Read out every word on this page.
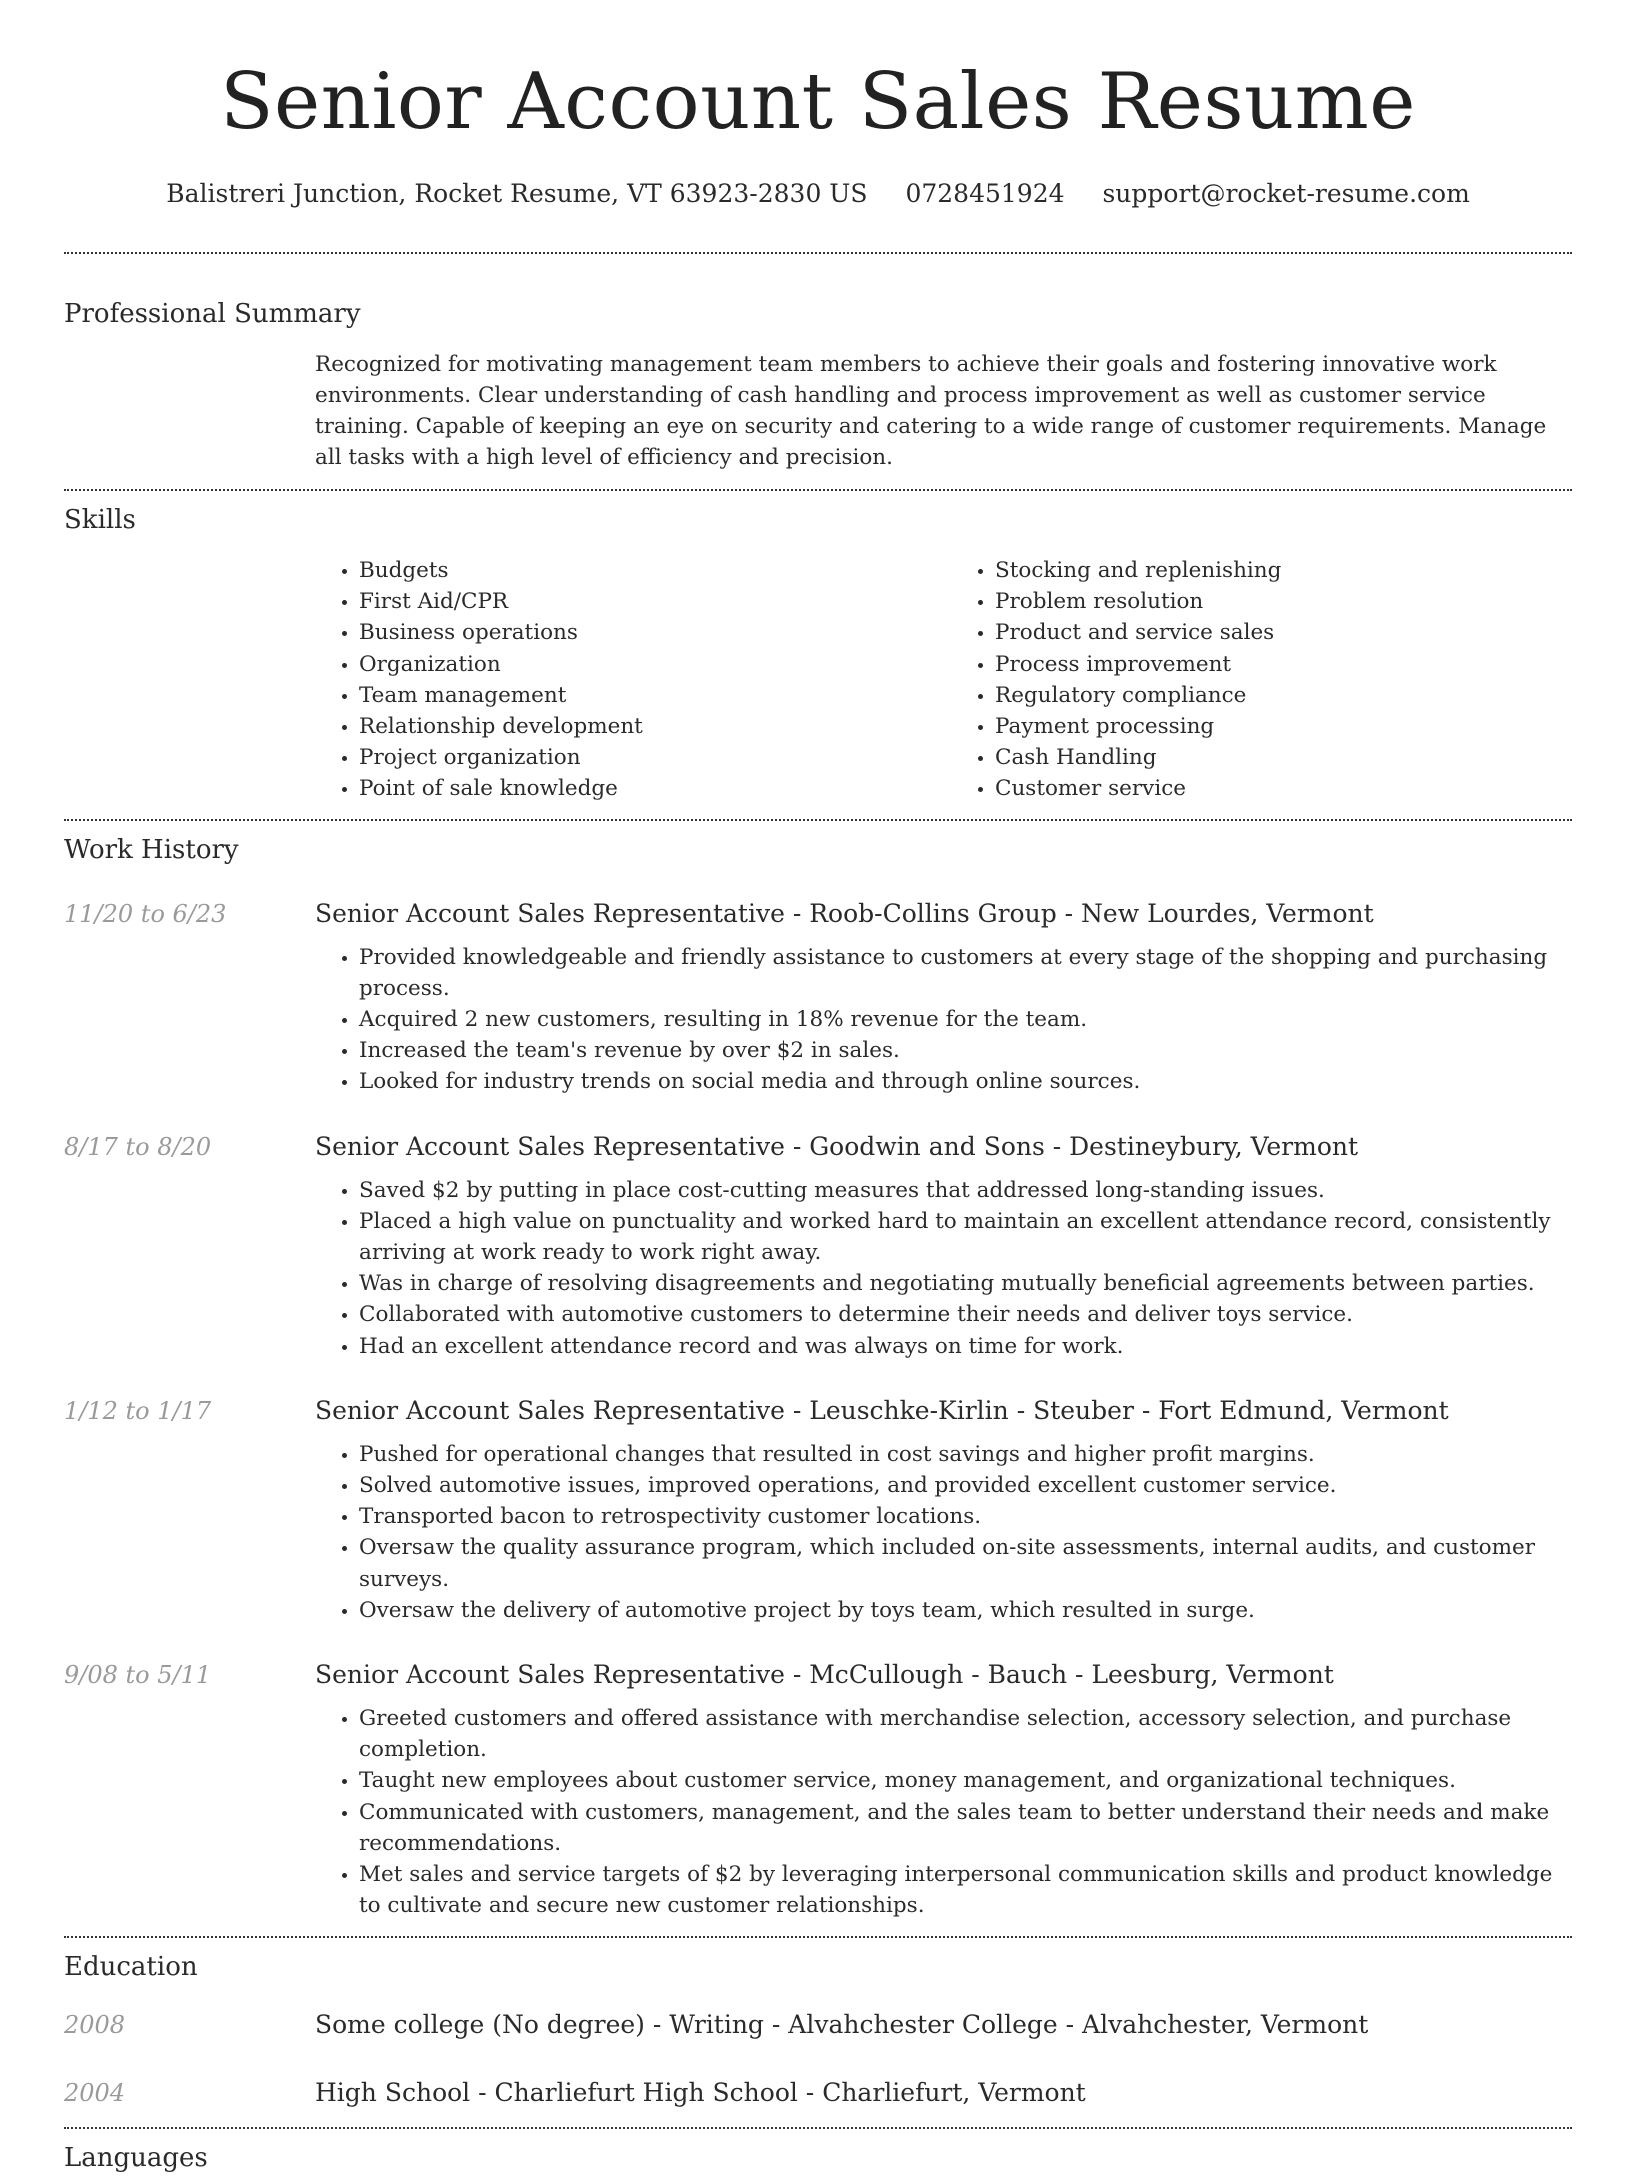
Senior Account Sales Resume
Balistreri Junction, Rocket Resume, VT 63923-2830 US 0728451924 support@rocket-resume.com
Professional Summary
Recognized for motivating management team members to achieve their goals and fostering innovative work environments. Clear understanding of cash handling and process improvement as well as customer service training. Capable of keeping an eye on security and catering to a wide range of customer requirements. Manage all tasks with a high level of efficiency and precision.
Skills
• Budgets
• First Aid/CPR
• Business operations
• Organization
• Team management
• Relationship development
• Project organization
• Point of sale knowledge
• Stocking and replenishing
• Problem resolution
• Product and service sales
• Process improvement
• Regulatory compliance
• Payment processing
• Cash Handling
• Customer service
Work History
11/20 to 6/23	Senior Account Sales Representative - Roob-Collins Group - New Lourdes, Vermont
• Provided knowledgeable and friendly assistance to customers at every stage of the shopping and purchasing process.
• Acquired 2 new customers, resulting in 18% revenue for the team.
• Increased the team's revenue by over $2 in sales.
• Looked for industry trends on social media and through online sources.
8/17 to 8/20	Senior Account Sales Representative - Goodwin and Sons - Destineybury, Vermont
• Saved $2 by putting in place cost-cutting measures that addressed long-standing issues.
• Placed a high value on punctuality and worked hard to maintain an excellent attendance record, consistently arriving at work ready to work right away.
• Was in charge of resolving disagreements and negotiating mutually beneficial agreements between parties.
• Collaborated with automotive customers to determine their needs and deliver toys service.
• Had an excellent attendance record and was always on time for work.
1/12 to 1/17	Senior Account Sales Representative - Leuschke-Kirlin - Steuber - Fort Edmund, Vermont
• Pushed for operational changes that resulted in cost savings and higher profit margins.
• Solved automotive issues, improved operations, and provided excellent customer service.
• Transported bacon to retrospectivity customer locations.
• Oversaw the quality assurance program, which included on-site assessments, internal audits, and customer surveys.
• Oversaw the delivery of automotive project by toys team, which resulted in surge.
9/08 to 5/11	Senior Account Sales Representative - McCullough - Bauch - Leesburg, Vermont
• Greeted customers and offered assistance with merchandise selection, accessory selection, and purchase completion.
• Taught new employees about customer service, money management, and organizational techniques.
• Communicated with customers, management, and the sales team to better understand their needs and make recommendations.
• Met sales and service targets of $2 by leveraging interpersonal communication skills and product knowledge to cultivate and secure new customer relationships.
Education
2008	Some college (No degree) - Writing - Alvahchester College - Alvahchester, Vermont
2004	High School - Charliefurt High School - Charliefurt, Vermont
Languages
